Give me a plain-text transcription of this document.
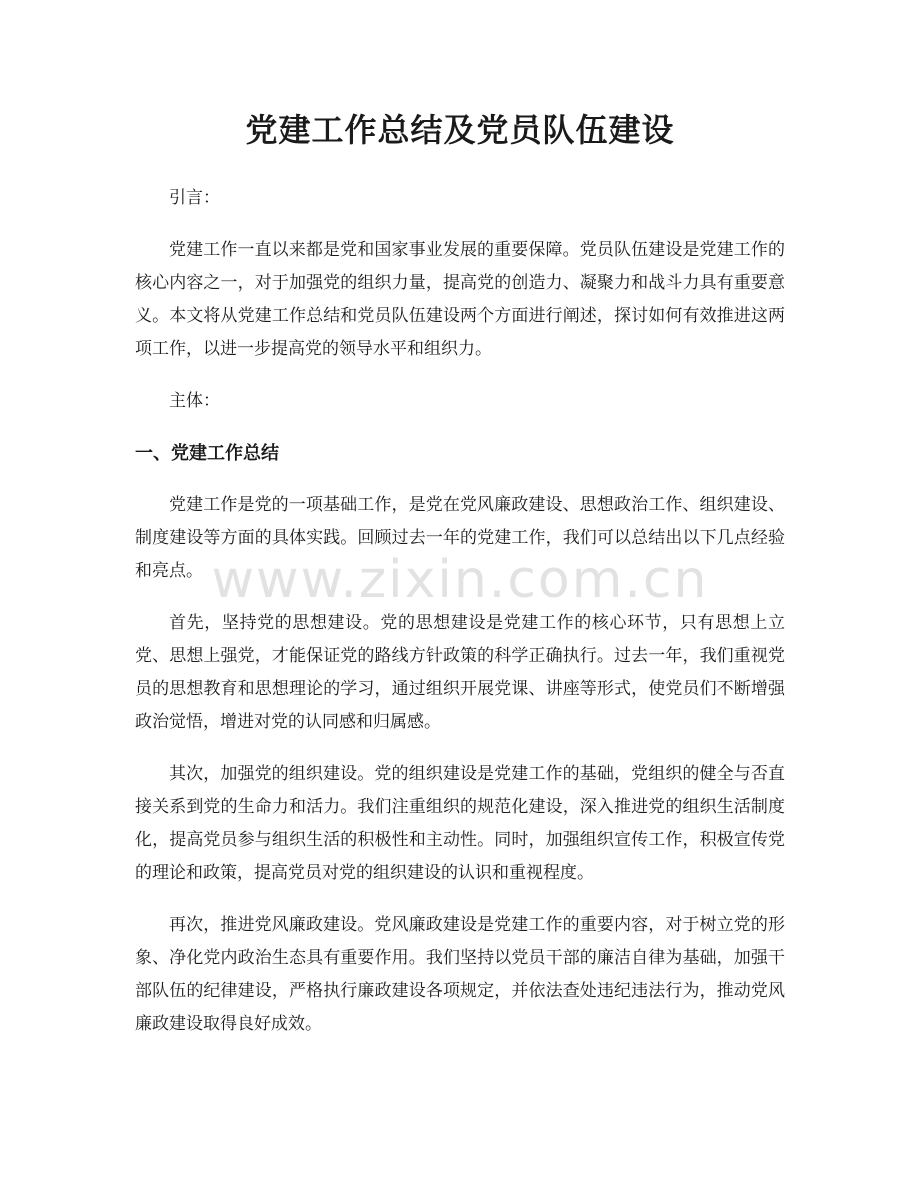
党建工作总结及党员队伍建设

引言：

党建工作一直以来都是党和国家事业发展的重要保障。党员队伍建设是党建工作的核心内容之一，对于加强党的组织力量，提高党的创造力、凝聚力和战斗力具有重要意义。本文将从党建工作总结和党员队伍建设两个方面进行阐述，探讨如何有效推进这两项工作，以进一步提高党的领导水平和组织力。

主体：

一、党建工作总结

党建工作是党的一项基础工作，是党在党风廉政建设、思想政治工作、组织建设、制度建设等方面的具体实践。回顾过去一年的党建工作，我们可以总结出以下几点经验和亮点。

首先，坚持党的思想建设。党的思想建设是党建工作的核心环节，只有思想上立党、思想上强党，才能保证党的路线方针政策的科学正确执行。过去一年，我们重视党员的思想教育和思想理论的学习，通过组织开展党课、讲座等形式，使党员们不断增强政治觉悟，增进对党的认同感和归属感。

其次，加强党的组织建设。党的组织建设是党建工作的基础，党组织的健全与否直接关系到党的生命力和活力。我们注重组织的规范化建设，深入推进党的组织生活制度化，提高党员参与组织生活的积极性和主动性。同时，加强组织宣传工作，积极宣传党的理论和政策，提高党员对党的组织建设的认识和重视程度。

再次，推进党风廉政建设。党风廉政建设是党建工作的重要内容，对于树立党的形象、净化党内政治生态具有重要作用。我们坚持以党员干部的廉洁自律为基础，加强干部队伍的纪律建设，严格执行廉政建设各项规定，并依法查处违纪违法行为，推动党风廉政建设取得良好成效。

www.zixin.com.cn
